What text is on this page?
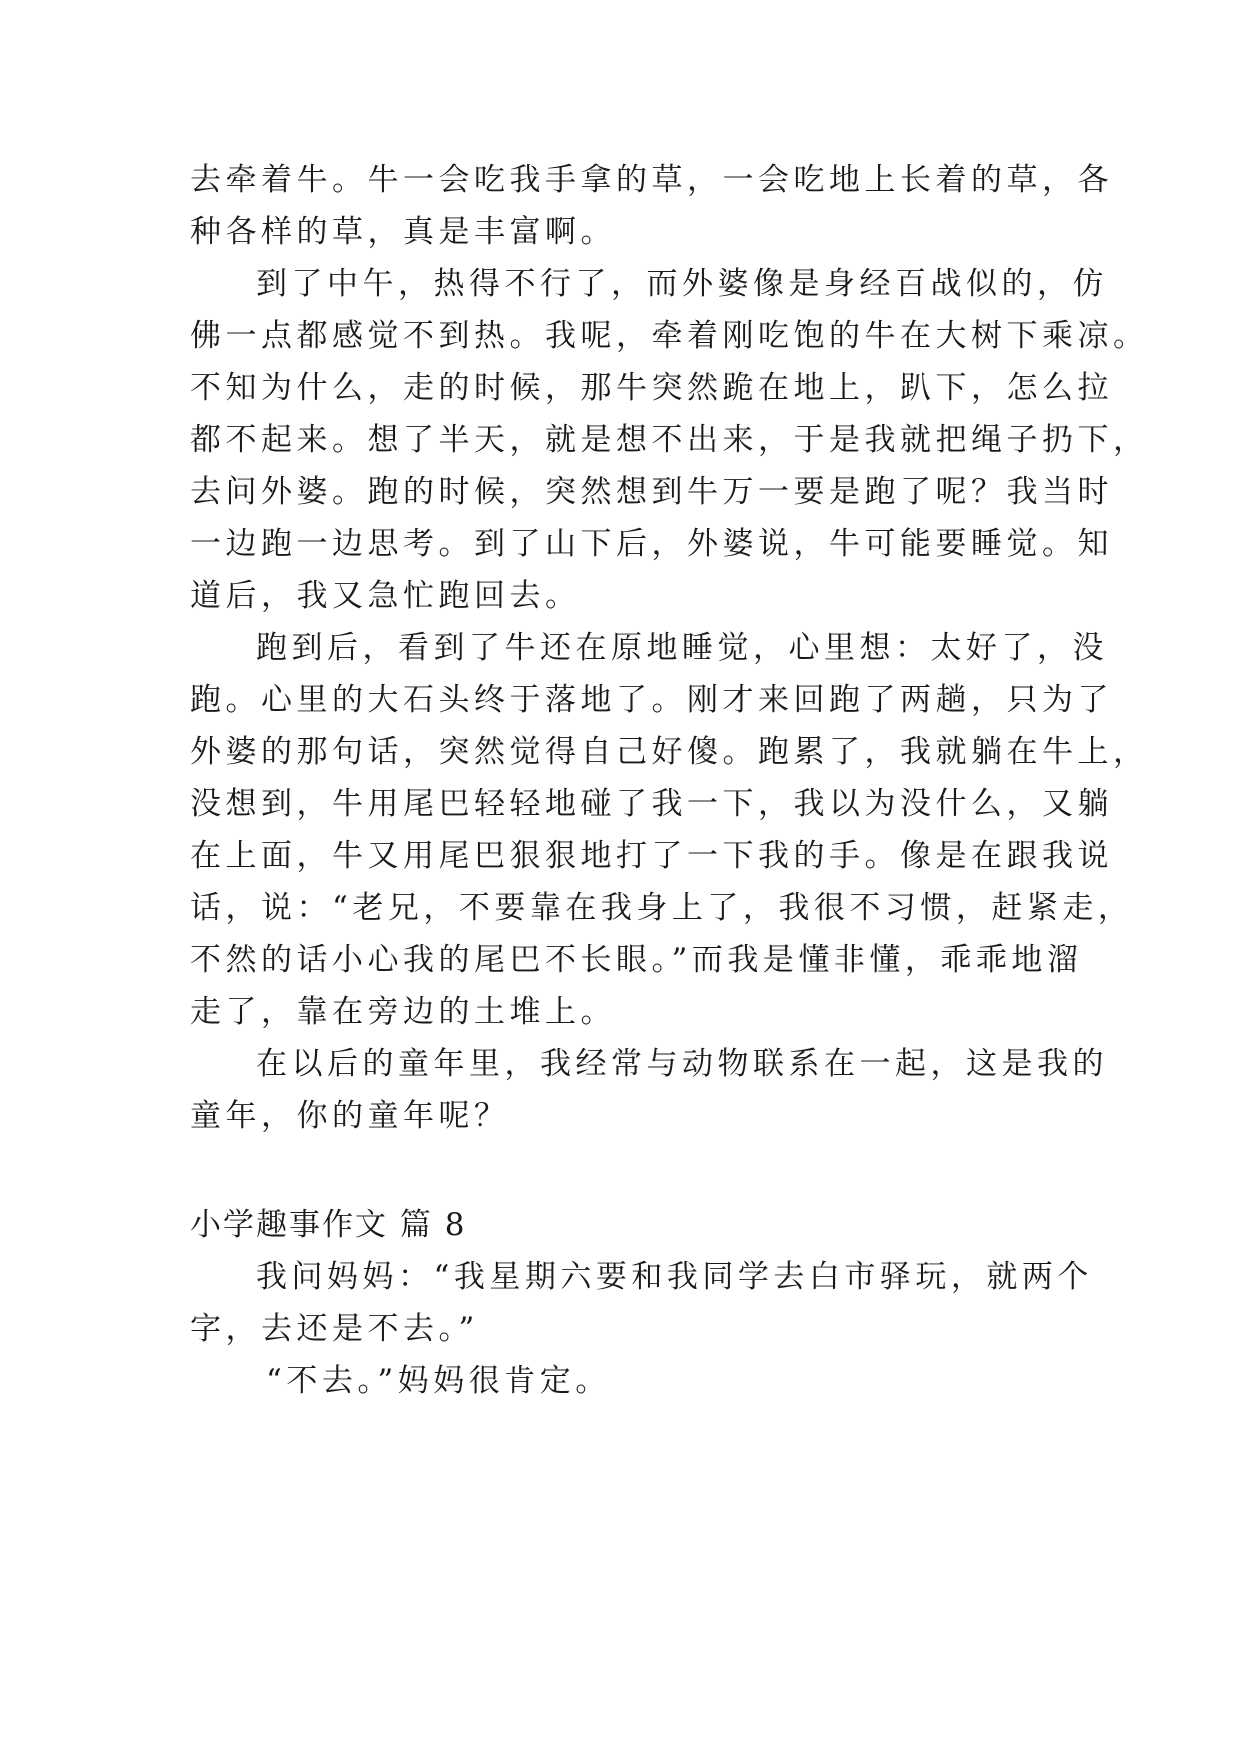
去牵着牛。牛一会吃我手拿的草，一会吃地上长着的草，各
种各样的草，真是丰富啊。
到了中午，热得不行了，而外婆像是身经百战似的，仿
佛一点都感觉不到热。我呢，牵着刚吃饱的牛在大树下乘凉。
不知为什么，走的时候，那牛突然跪在地上，趴下，怎么拉
都不起来。想了半天，就是想不出来，于是我就把绳子扔下，
去问外婆。跑的时候，突然想到牛万一要是跑了呢？我当时
一边跑一边思考。到了山下后，外婆说，牛可能要睡觉。知
道后，我又急忙跑回去。
跑到后，看到了牛还在原地睡觉，心里想：太好了，没
跑。心里的大石头终于落地了。刚才来回跑了两趟，只为了
外婆的那句话，突然觉得自己好傻。跑累了，我就躺在牛上，
没想到，牛用尾巴轻轻地碰了我一下，我以为没什么，又躺
在上面，牛又用尾巴狠狠地打了一下我的手。像是在跟我说
话，说：“老兄，不要靠在我身上了，我很不习惯，赶紧走，
不然的话小心我的尾巴不长眼。”而我是懂非懂，乖乖地溜
走了，靠在旁边的土堆上。
在以后的童年里，我经常与动物联系在一起，这是我的
童年，你的童年呢？
小学趣事作文 篇 8
我问妈妈：“我星期六要和我同学去白市驿玩，就两个
字，去还是不去。”
“不去。”妈妈很肯定。
